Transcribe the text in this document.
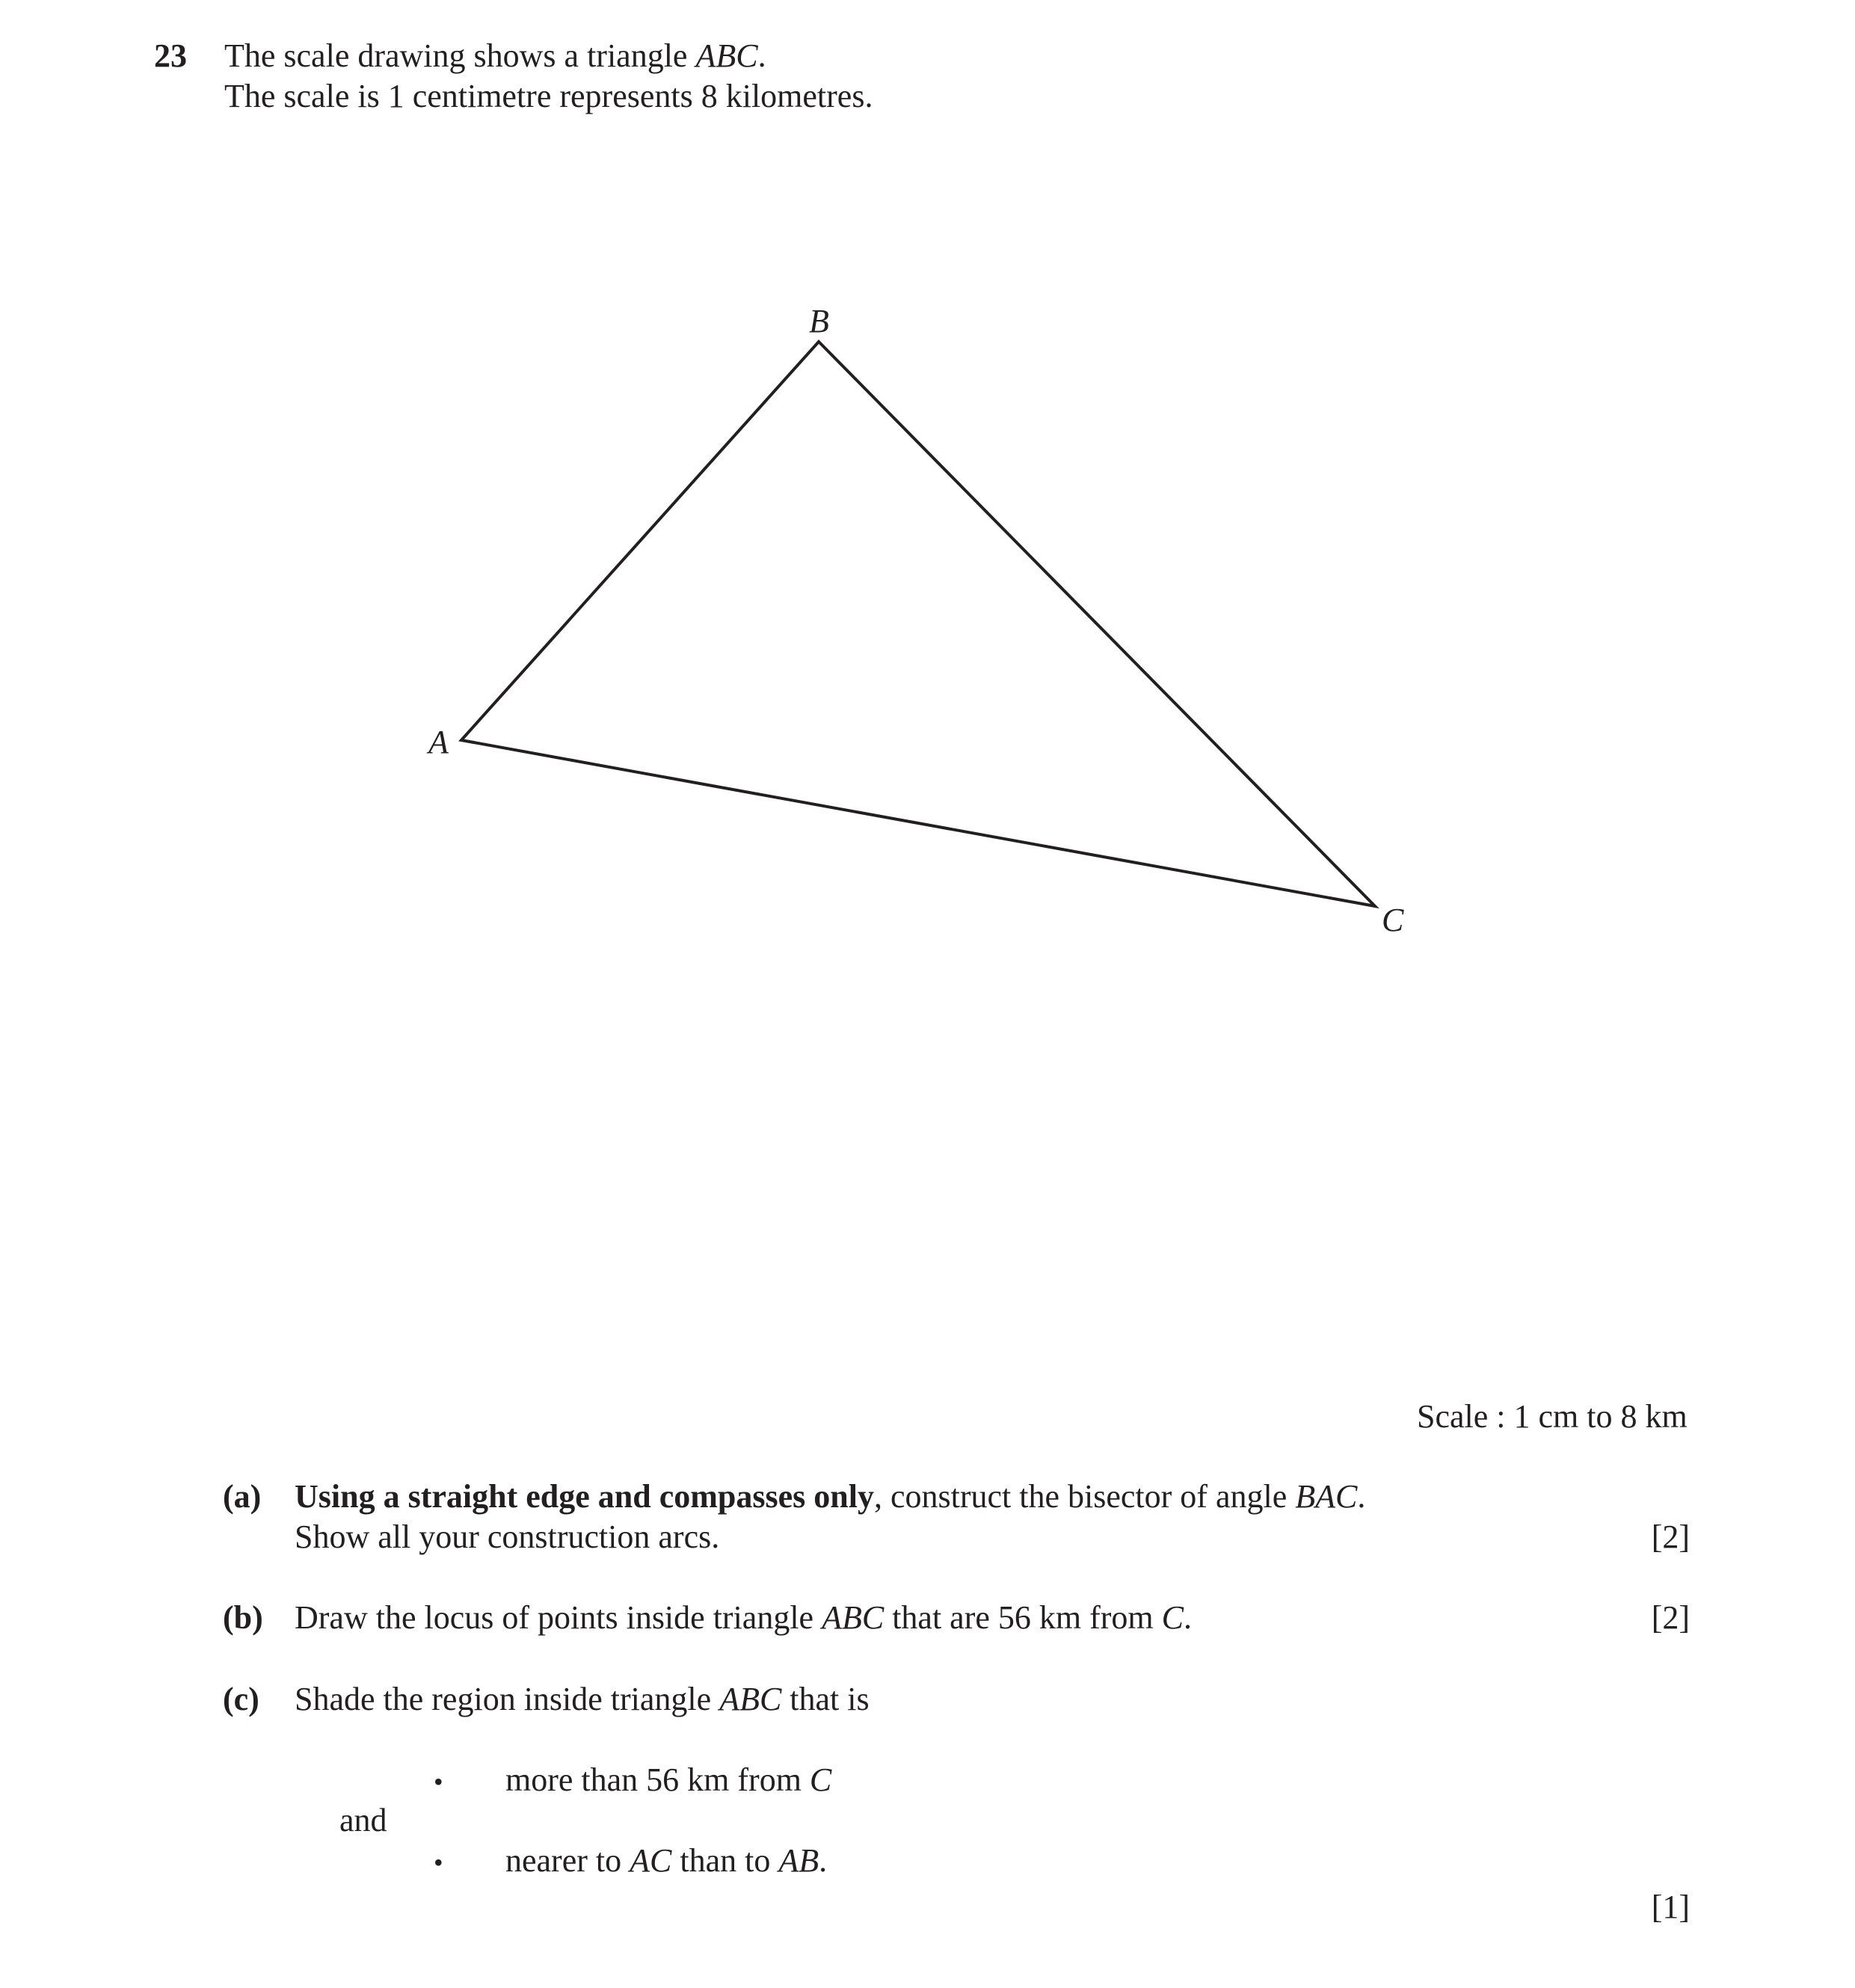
23 The scale drawing shows a triangle ABC.
The scale is 1 centimetre represents 8 kilometres.
B
A
C
Scale : 1 cm to 8 km
(a) Using a straight edge and compasses only, construct the bisector of angle BAC.
Show all your construction arcs.	[2]
(b) Draw the locus of points inside triangle ABC that are 56 km from C.	[2]
(c) Shade the region inside triangle ABC that is
• more than 56 km from C
and
• nearer to AC than to AB.
[1]
